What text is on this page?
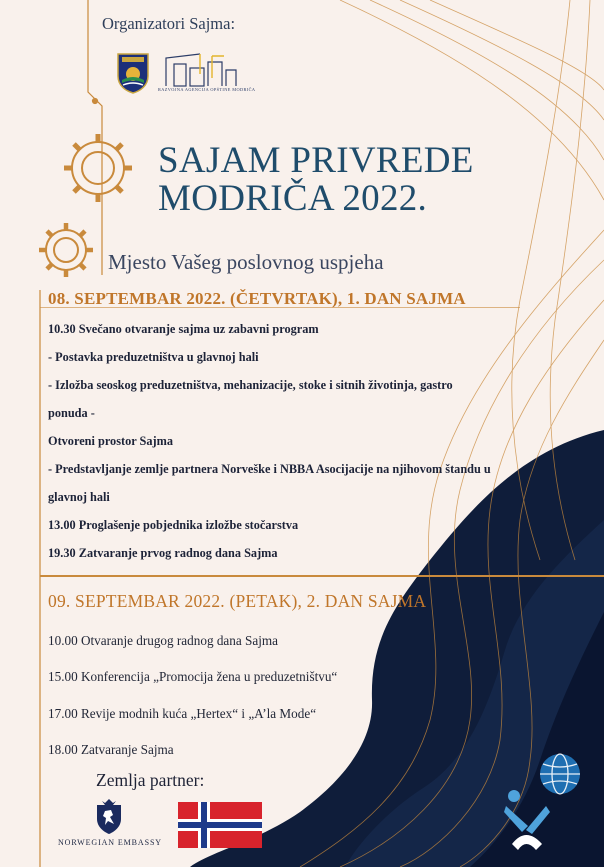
Organizatori Sajma:

RAZVOJNA AGENCIJA OPŠTINE MODRIČA

SAJAM PRIVREDE
MODRIČA 2022.

Mjesto Vašeg poslovnog uspjeha

08. SEPTEMBAR 2022. (ČETVRTAK), 1. DAN SAJMA

10.30 Svečano otvaranje sajma uz zabavni program

- Postavka preduzetništva u glavnoj hali

- Izložba seoskog preduzetništva, mehanizacije, stoke i sitnih životinja, gastro

ponuda -

Otvoreni prostor Sajma

- Predstavljanje zemlje partnera Norveške i NBBA Asocijacije na njihovom štandu u

glavnoj hali

13.00 Proglašenje pobjednika izložbe stočarstva

19.30 Zatvaranje prvog radnog dana Sajma

09. SEPTEMBAR 2022. (PETAK), 2. DAN SAJMA

10.00 Otvaranje drugog radnog dana Sajma

15.00 Konferencija „Promocija žena u preduzetništvu“

17.00 Revije modnih kuća „Hertex“ i „A’la Mode“

18.00 Zatvaranje Sajma

Zemlja partner:

NORWEGIAN EMBASSY
